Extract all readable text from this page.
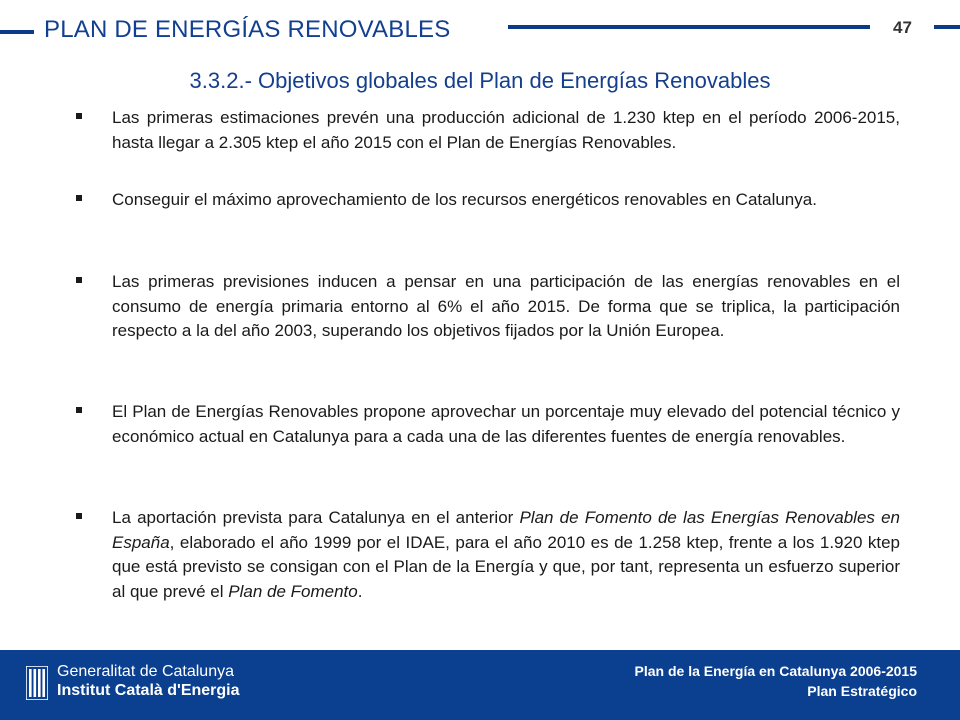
PLAN DE ENERGÍAS RENOVABLES	47
3.3.2.- Objetivos globales del Plan de Energías Renovables
Las primeras estimaciones prevén una producción adicional de 1.230 ktep en el período 2006-2015, hasta llegar a 2.305 ktep el año 2015 con el Plan de Energías Renovables.
Conseguir el máximo aprovechamiento de los recursos energéticos renovables en Catalunya.
Las primeras previsiones inducen a pensar en una participación de las energías renovables en el consumo de energía primaria entorno al 6% el año 2015. De forma que se triplica, la participación respecto a la del año 2003, superando los objetivos fijados por la Unión Europea.
El Plan de Energías Renovables propone aprovechar un porcentaje muy elevado del potencial técnico y económico actual en Catalunya para a cada una de las diferentes fuentes de energía renovables.
La aportación prevista para Catalunya en el anterior Plan de Fomento de las Energías Renovables en España, elaborado el año 1999 por el IDAE, para el año 2010 es de 1.258 ktep, frente a los 1.920 ktep que está previsto se consigan con el Plan de la Energía y que, por tant, representa un esfuerzo superior al que prevé el Plan de Fomento.
Generalitat de Catalunya
Institut Català d'Energia
Plan de la Energía en Catalunya 2006-2015
Plan Estratégico
